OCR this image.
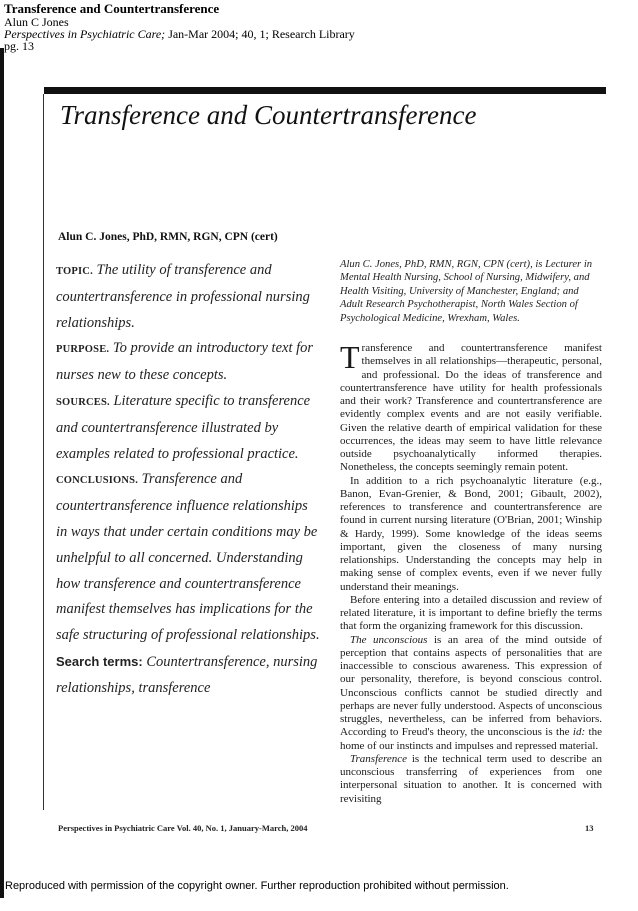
Transference and Countertransference
Alun C Jones
Perspectives in Psychiatric Care; Jan-Mar 2004; 40, 1; Research Library
pg. 13
Transference and Countertransference
Alun C. Jones, PhD, RMN, RGN, CPN (cert)

TOPIC. The utility of transference and countertransference in professional nursing relationships.
PURPOSE. To provide an introductory text for nurses new to these concepts.
SOURCES. Literature specific to transference and countertransference illustrated by examples related to professional practice.
CONCLUSIONS. Transference and countertransference influence relationships in ways that under certain conditions may be unhelpful to all concerned. Understanding how transference and countertransference manifest themselves has implications for the safe structuring of professional relationships.
Search terms: Countertransference, nursing relationships, transference

Alun C. Jones, PhD, RMN, RGN, CPN (cert), is Lecturer in Mental Health Nursing, School of Nursing, Midwifery, and Health Visiting, University of Manchester, England; and Adult Research Psychotherapist, North Wales Section of Psychological Medicine, Wrexham, Wales.

Transference and countertransference manifest themselves in all relationships—therapeutic, personal, and professional. Do the ideas of transference and countertransference have utility for health professionals and their work? Transference and countertransference are evidently complex events and are not easily verifiable. Given the relative dearth of empirical validation for these occurrences, the ideas may seem to have little relevance outside psychoanalytically informed therapies. Nonetheless, the concepts seemingly remain potent.

In addition to a rich psychoanalytic literature (e.g., Banon, Evan-Grenier, & Bond, 2001; Gibault, 2002), references to transference and countertransference are found in current nursing literature (O'Brian, 2001; Winship & Hardy, 1999). Some knowledge of the ideas seems important, given the closeness of many nursing relationships. Understanding the concepts may help in making sense of complex events, even if we never fully understand their meanings.

Before entering into a detailed discussion and review of related literature, it is important to define briefly the terms that form the organizing framework for this discussion.

The unconscious is an area of the mind outside of perception that contains aspects of personalities that are inaccessible to conscious awareness. This expression of our personality, therefore, is beyond conscious control. Unconscious conflicts cannot be studied directly and perhaps are never fully understood. Aspects of unconscious struggles, nevertheless, can be inferred from behaviors. According to Freud's theory, the unconscious is the id: the home of our instincts and impulses and repressed material.

Transference is the technical term used to describe an unconscious transferring of experiences from one interpersonal situation to another. It is concerned with revisiting

Perspectives in Psychiatric Care Vol. 40, No. 1, January-March, 2004	13
Reproduced with permission of the copyright owner. Further reproduction prohibited without permission.
